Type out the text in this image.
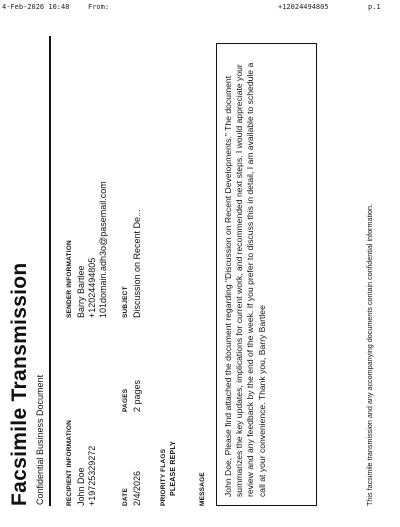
4-Feb-2026 10:48	From:	+12024494805	p.1
Facsimile Transmission Confidential Business Document	RECIPIENT INFORMATION John Doe +19725329272
SENDER INFORMATION Barry Bartlee +12024494805 101domain.adh3o@pasemail.com
DATE 2/4/2026
PAGES 2 pages
SUBJECT Discussion on Recent De...
PRIORITY FLAGS PLEASE REPLY	MESSAGE	John Doe, Please find attached the document regarding "Discussion on Recent Developments." The document summarizes the key updates, implications for current work, and recommended next steps. I would appreciate your review and any feedback by the end of the week. If you prefer to discuss this in detail, I am available to schedule a call at your convenience. Thank you, Barry Bartlee	This facsimile transmission and any accompanying documents contain confidential information.
